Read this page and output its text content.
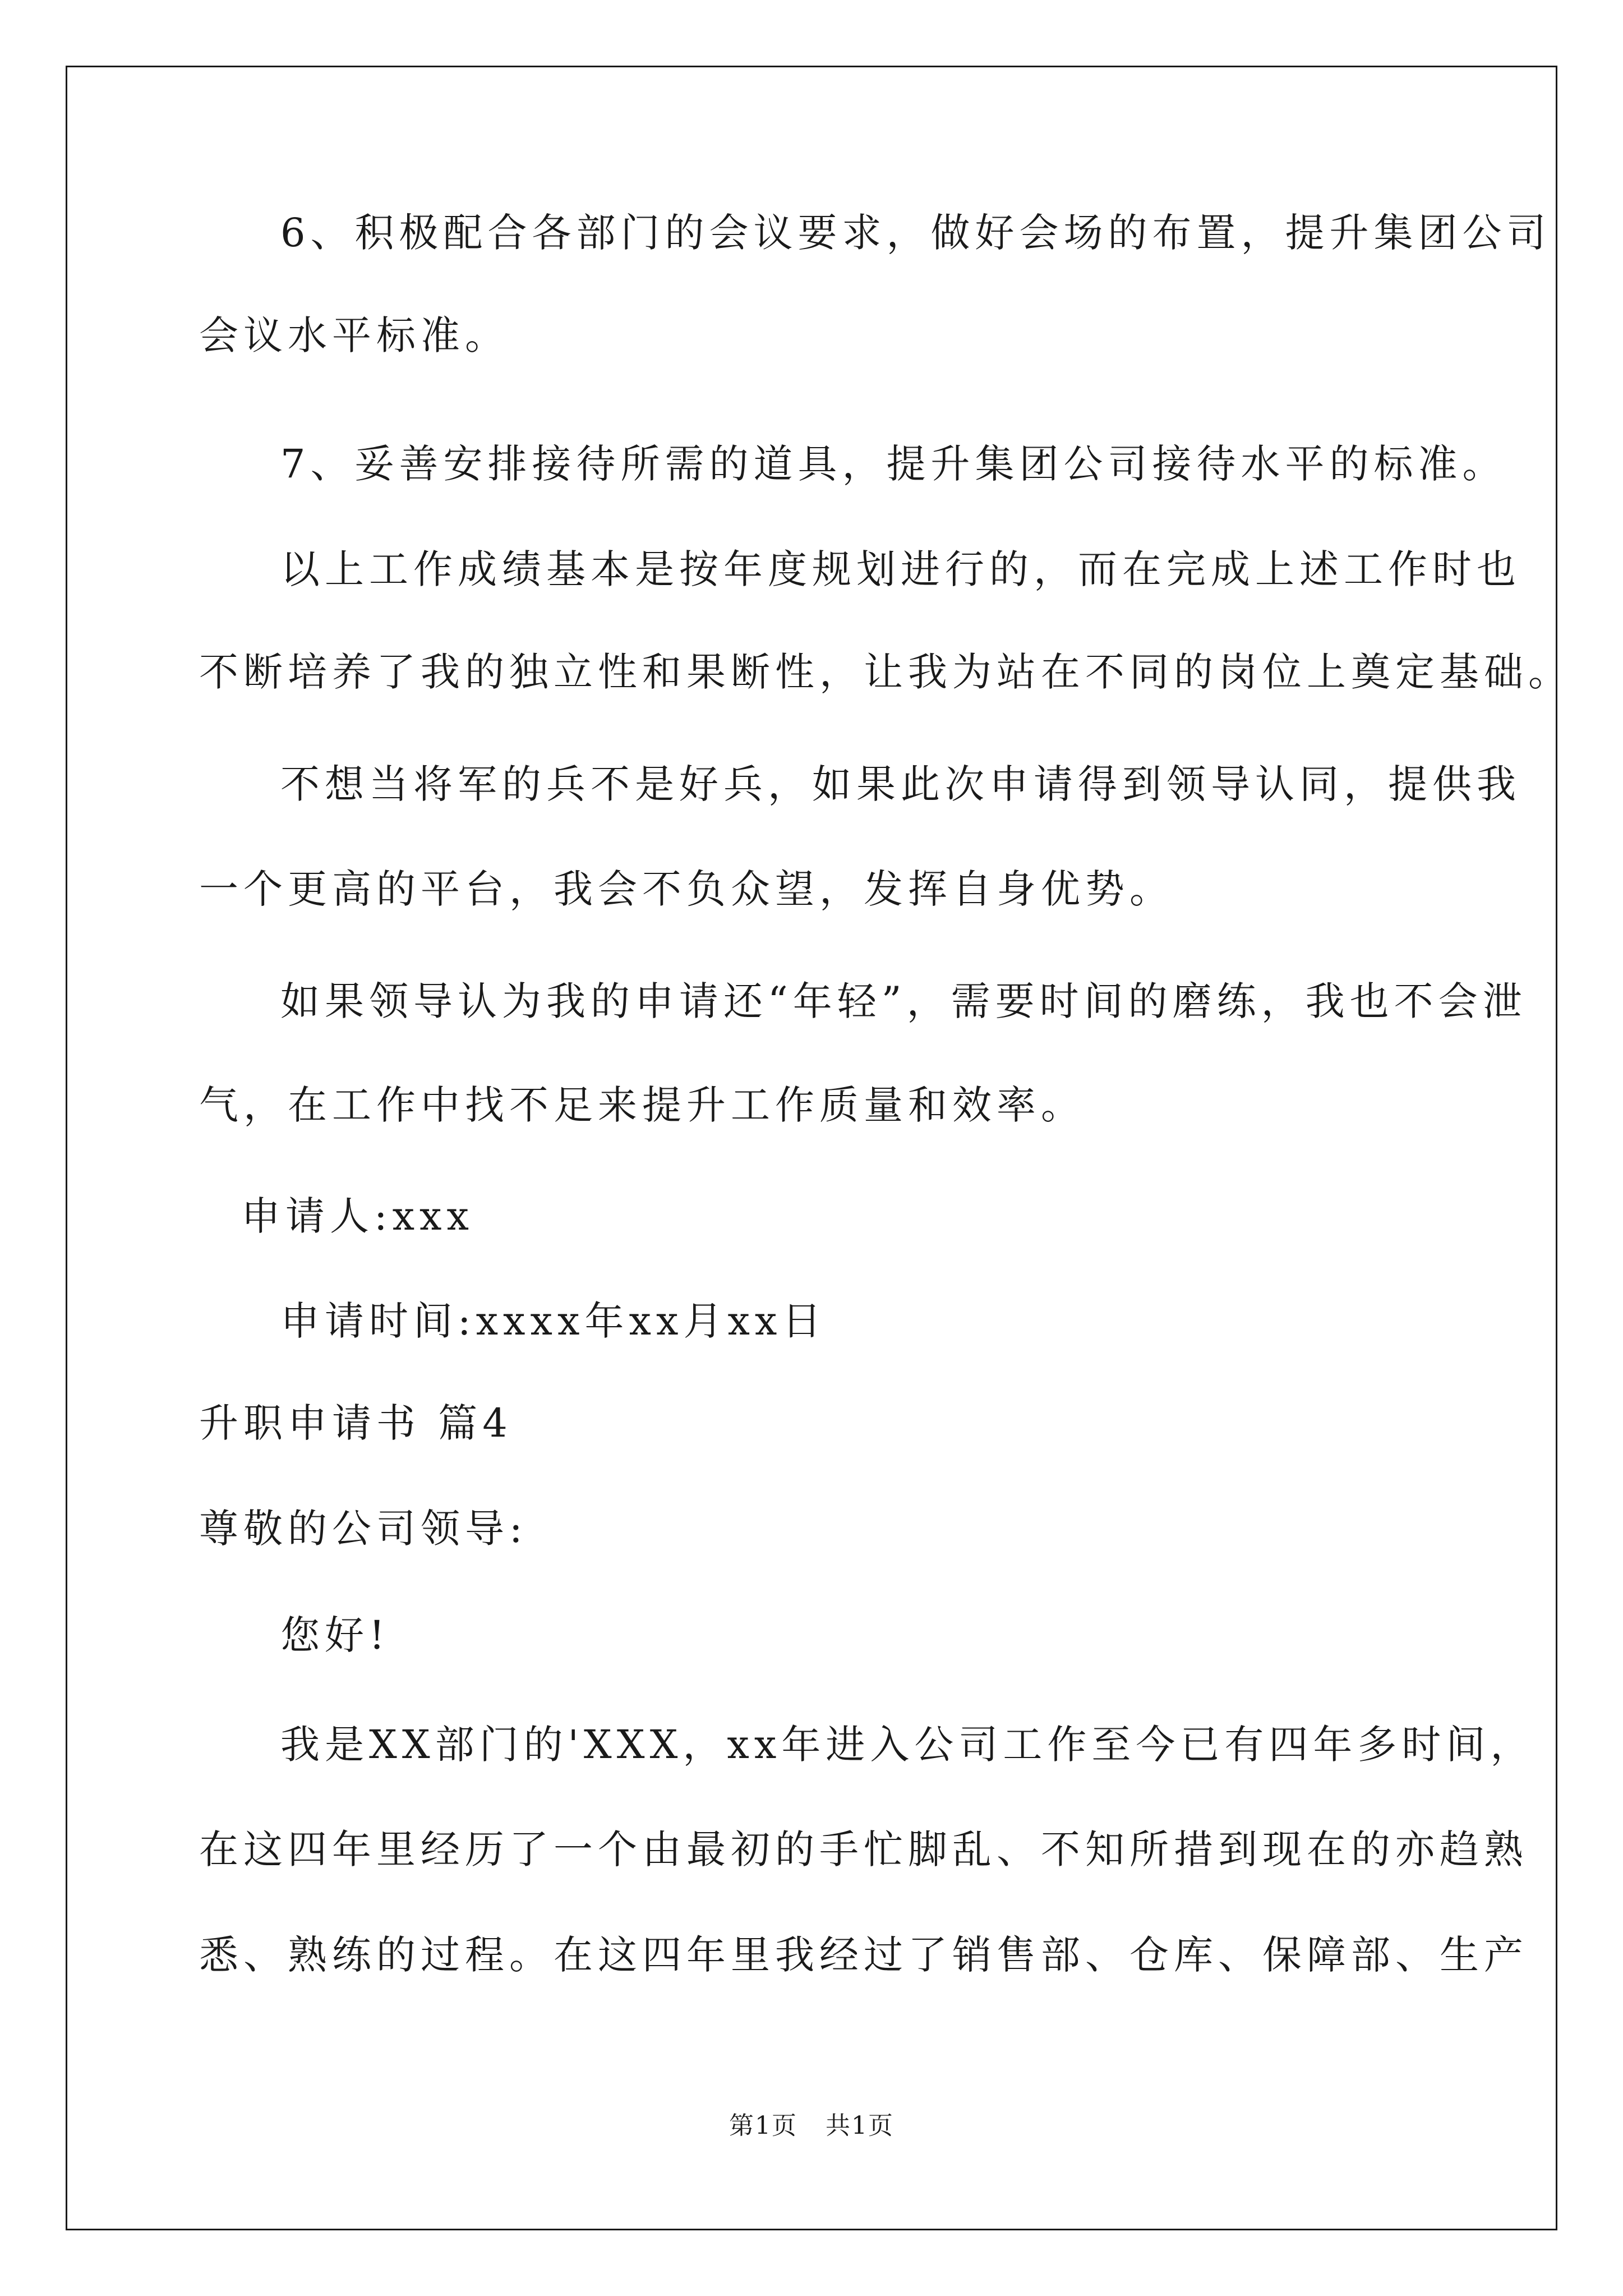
6、积极配合各部门的会议要求，做好会场的布置，提升集团公司
会议水平标准。
7、妥善安排接待所需的道具，提升集团公司接待水平的标准。
以上工作成绩基本是按年度规划进行的，而在完成上述工作时也
不断培养了我的独立性和果断性，让我为站在不同的岗位上奠定基础。
不想当将军的兵不是好兵，如果此次申请得到领导认同，提供我
一个更高的平台，我会不负众望，发挥自身优势。
如果领导认为我的申请还“年轻”，需要时间的磨练，我也不会泄
气，在工作中找不足来提升工作质量和效率。
申请人:xxx
申请时间:xxxx年xx月xx日
升职申请书 篇4
尊敬的公司领导:
您好!
我是XX部门的'XXX，xx年进入公司工作至今已有四年多时间，
在这四年里经历了一个由最初的手忙脚乱、不知所措到现在的亦趋熟
悉、熟练的过程。在这四年里我经过了销售部、仓库、保障部、生产
第1页 共1页
